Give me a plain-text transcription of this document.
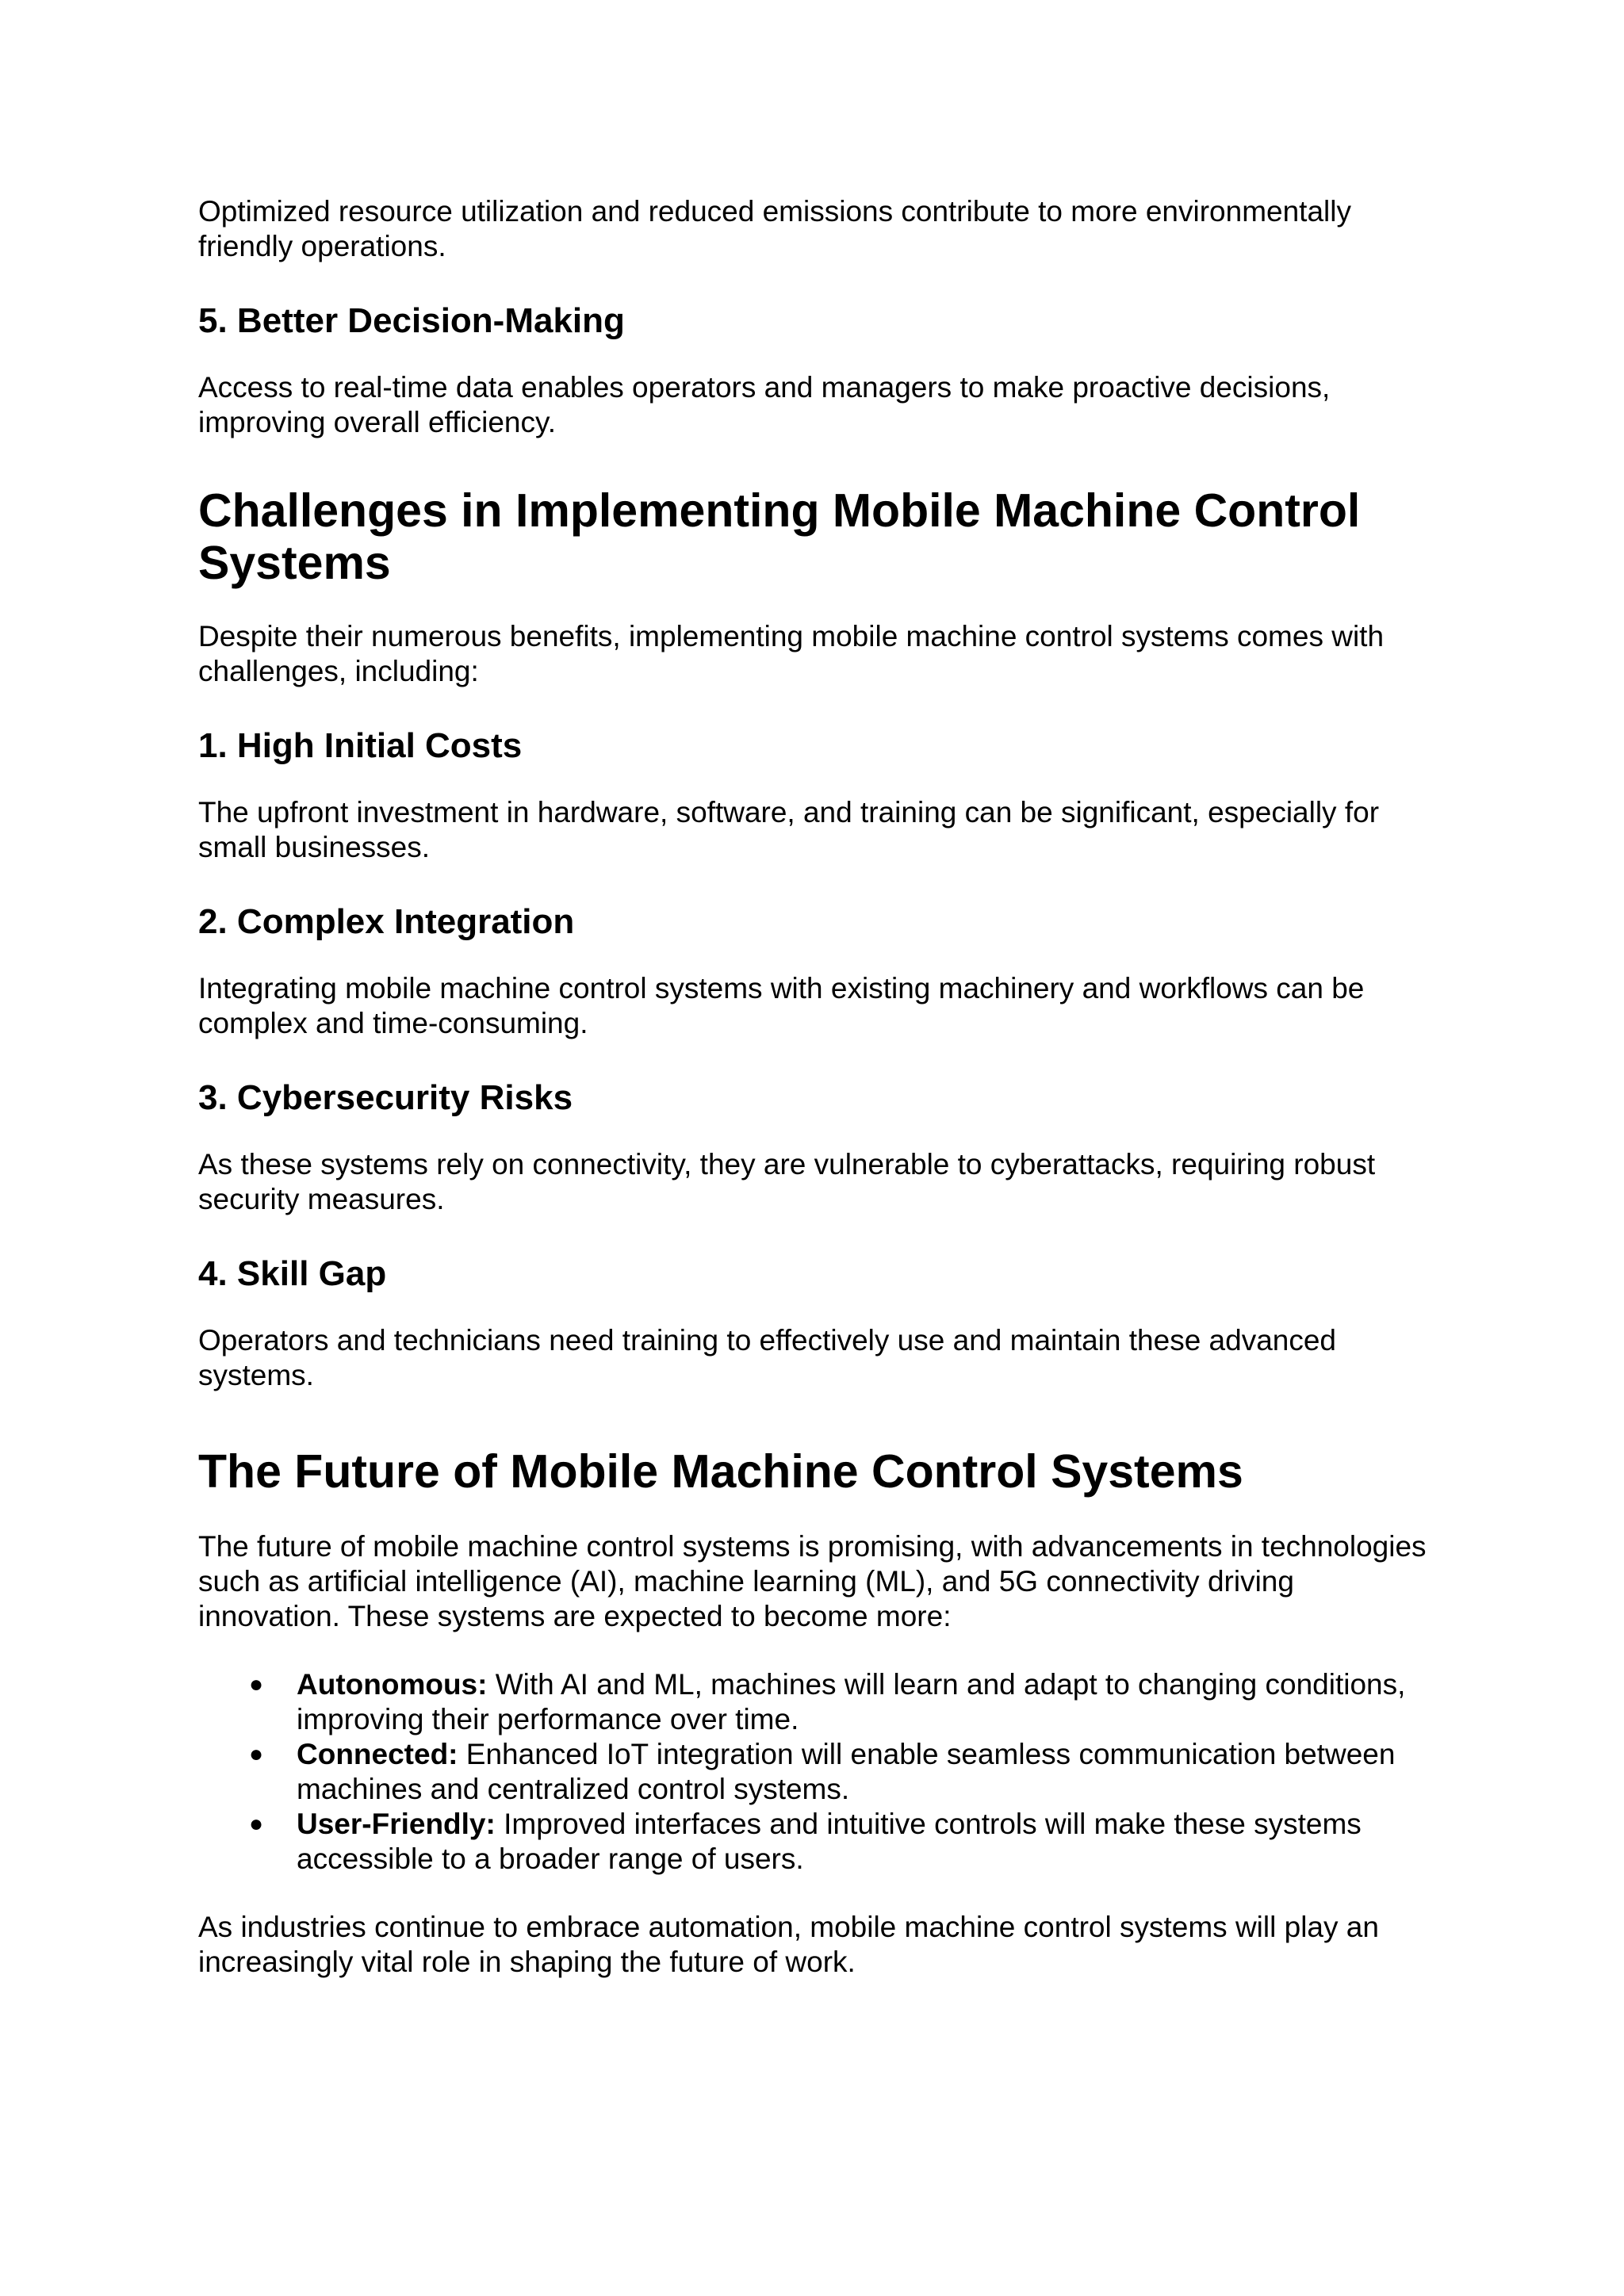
Optimized resource utilization and reduced emissions contribute to more environmentally friendly operations.

5. Better Decision-Making

Access to real-time data enables operators and managers to make proactive decisions, improving overall efficiency.

Challenges in Implementing Mobile Machine Control Systems

Despite their numerous benefits, implementing mobile machine control systems comes with challenges, including:

1. High Initial Costs

The upfront investment in hardware, software, and training can be significant, especially for small businesses.

2. Complex Integration

Integrating mobile machine control systems with existing machinery and workflows can be complex and time-consuming.

3. Cybersecurity Risks

As these systems rely on connectivity, they are vulnerable to cyberattacks, requiring robust security measures.

4. Skill Gap

Operators and technicians need training to effectively use and maintain these advanced systems.

The Future of Mobile Machine Control Systems

The future of mobile machine control systems is promising, with advancements in technologies such as artificial intelligence (AI), machine learning (ML), and 5G connectivity driving innovation. These systems are expected to become more:

● Autonomous: With AI and ML, machines will learn and adapt to changing conditions, improving their performance over time.
● Connected: Enhanced IoT integration will enable seamless communication between machines and centralized control systems.
● User-Friendly: Improved interfaces and intuitive controls will make these systems accessible to a broader range of users.

As industries continue to embrace automation, mobile machine control systems will play an increasingly vital role in shaping the future of work.
